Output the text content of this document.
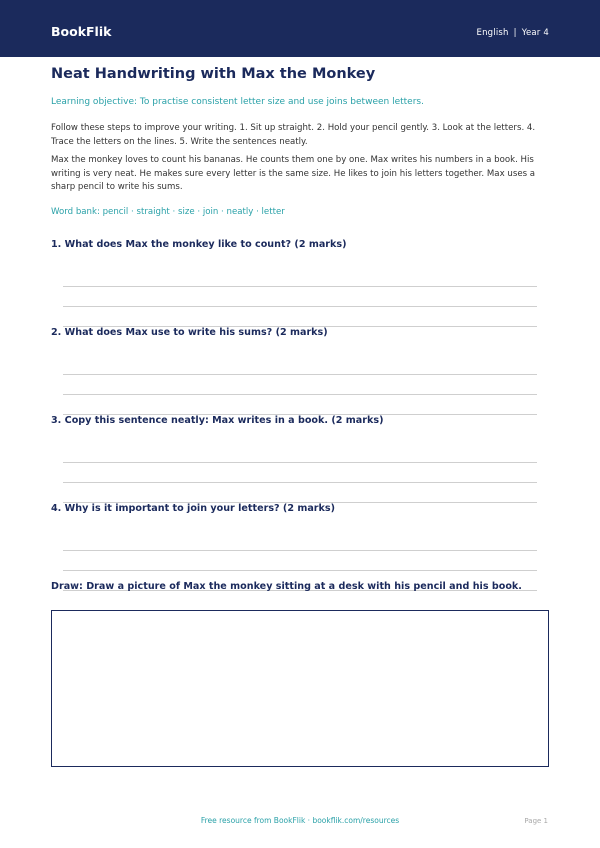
BookFlik	English | Year 4
Neat Handwriting with Max the Monkey

Learning objective: To practise consistent letter size and use joins between letters.

Follow these steps to improve your writing. 1. Sit up straight. 2. Hold your pencil gently. 3. Look at the letters. 4. Trace the letters on the lines. 5. Write the sentences neatly.

Max the monkey loves to count his bananas. He counts them one by one. Max writes his numbers in a book. His writing is very neat. He makes sure every letter is the same size. He likes to join his letters together. Max uses a sharp pencil to write his sums.

Word bank: pencil · straight · size · join · neatly · letter

1. What does Max the monkey like to count? (2 marks)

2. What does Max use to write his sums? (2 marks)

3. Copy this sentence neatly: Max writes in a book. (2 marks)

4. Why is it important to join your letters? (2 marks)

Draw: Draw a picture of Max the monkey sitting at a desk with his pencil and his book.

Free resource from BookFlik · bookflik.com/resources	Page 1
